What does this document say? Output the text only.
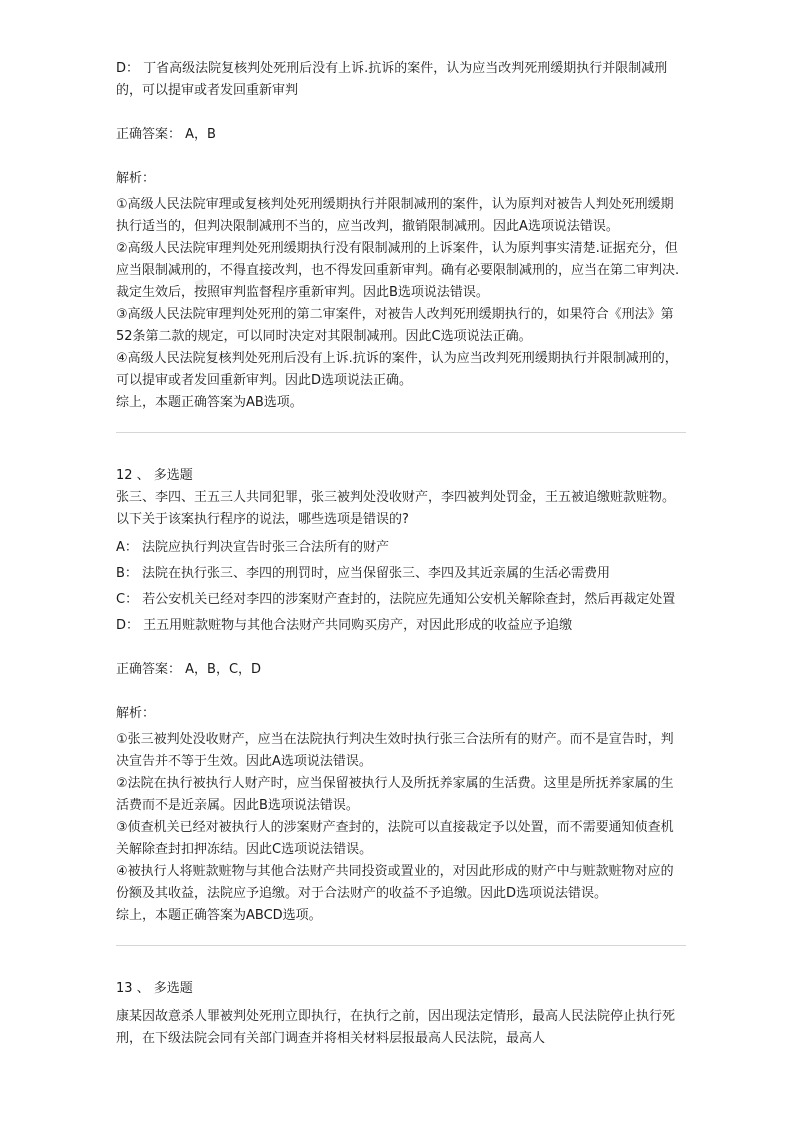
· ·

D： 丁省高级法院复核判处死刑后没有上诉.抗诉的案件，认为应当改判死刑缓期执行并限制减刑的，可以提审或者发回重新审判

正确答案： A，B

解析：

①高级人民法院审理或复核判处死刑缓期执行并限制减刑的案件，认为原判对被告人判处死刑缓期执行适当的，但判决限制减刑不当的，应当改判，撤销限制减刑。因此A选项说法错误。

②高级人民法院审理判处死刑缓期执行没有限制减刑的上诉案件，认为原判事实清楚.证据充分，但应当限制减刑的，不得直接改判，也不得发回重新审判。确有必要限制减刑的，应当在第二审判决.裁定生效后，按照审判监督程序重新审判。因此B选项说法错误。

③高级人民法院审理判处死刑的第二审案件，对被告人改判死刑缓期执行的，如果符合《刑法》第52条第二款的规定，可以同时决定对其限制减刑。因此C选项说法正确。

④高级人民法院复核判处死刑后没有上诉.抗诉的案件，认为应当改判死刑缓期执行并限制减刑的，可以提审或者发回重新审判。因此D选项说法正确。

综上，本题正确答案为AB选项。

12 、 多选题

张三、李四、王五三人共同犯罪，张三被判处没收财产，李四被判处罚金，王五被追缴赃款赃物。以下关于该案执行程序的说法，哪些选项是错误的?

A： 法院应执行判决宣告时张三合法所有的财产

B： 法院在执行张三、李四的刑罚时，应当保留张三、李四及其近亲属的生活必需费用

C： 若公安机关已经对李四的涉案财产查封的，法院应先通知公安机关解除查封，然后再裁定处置

D： 王五用赃款赃物与其他合法财产共同购买房产，对因此形成的收益应予追缴

正确答案： A，B，C，D

解析：

①张三被判处没收财产，应当在法院执行判决生效时执行张三合法所有的财产。而不是宣告时，判决宣告并不等于生效。因此A选项说法错误。

②法院在执行被执行人财产时，应当保留被执行人及所抚养家属的生活费。这里是所抚养家属的生活费而不是近亲属。因此B选项说法错误。

③侦查机关已经对被执行人的涉案财产查封的，法院可以直接裁定予以处置，而不需要通知侦查机关解除查封扣押冻结。因此C选项说法错误。

④被执行人将赃款赃物与其他合法财产共同投资或置业的，对因此形成的财产中与赃款赃物对应的份额及其收益，法院应予追缴。对于合法财产的收益不予追缴。因此D选项说法错误。

综上，本题正确答案为ABCD选项。

13 、 多选题

康某因故意杀人罪被判处死刑立即执行，在执行之前，因出现法定情形，最高人民法院停止执行死刑，在下级法院会同有关部门调查并将相关材料层报最高人民法院，最高人
